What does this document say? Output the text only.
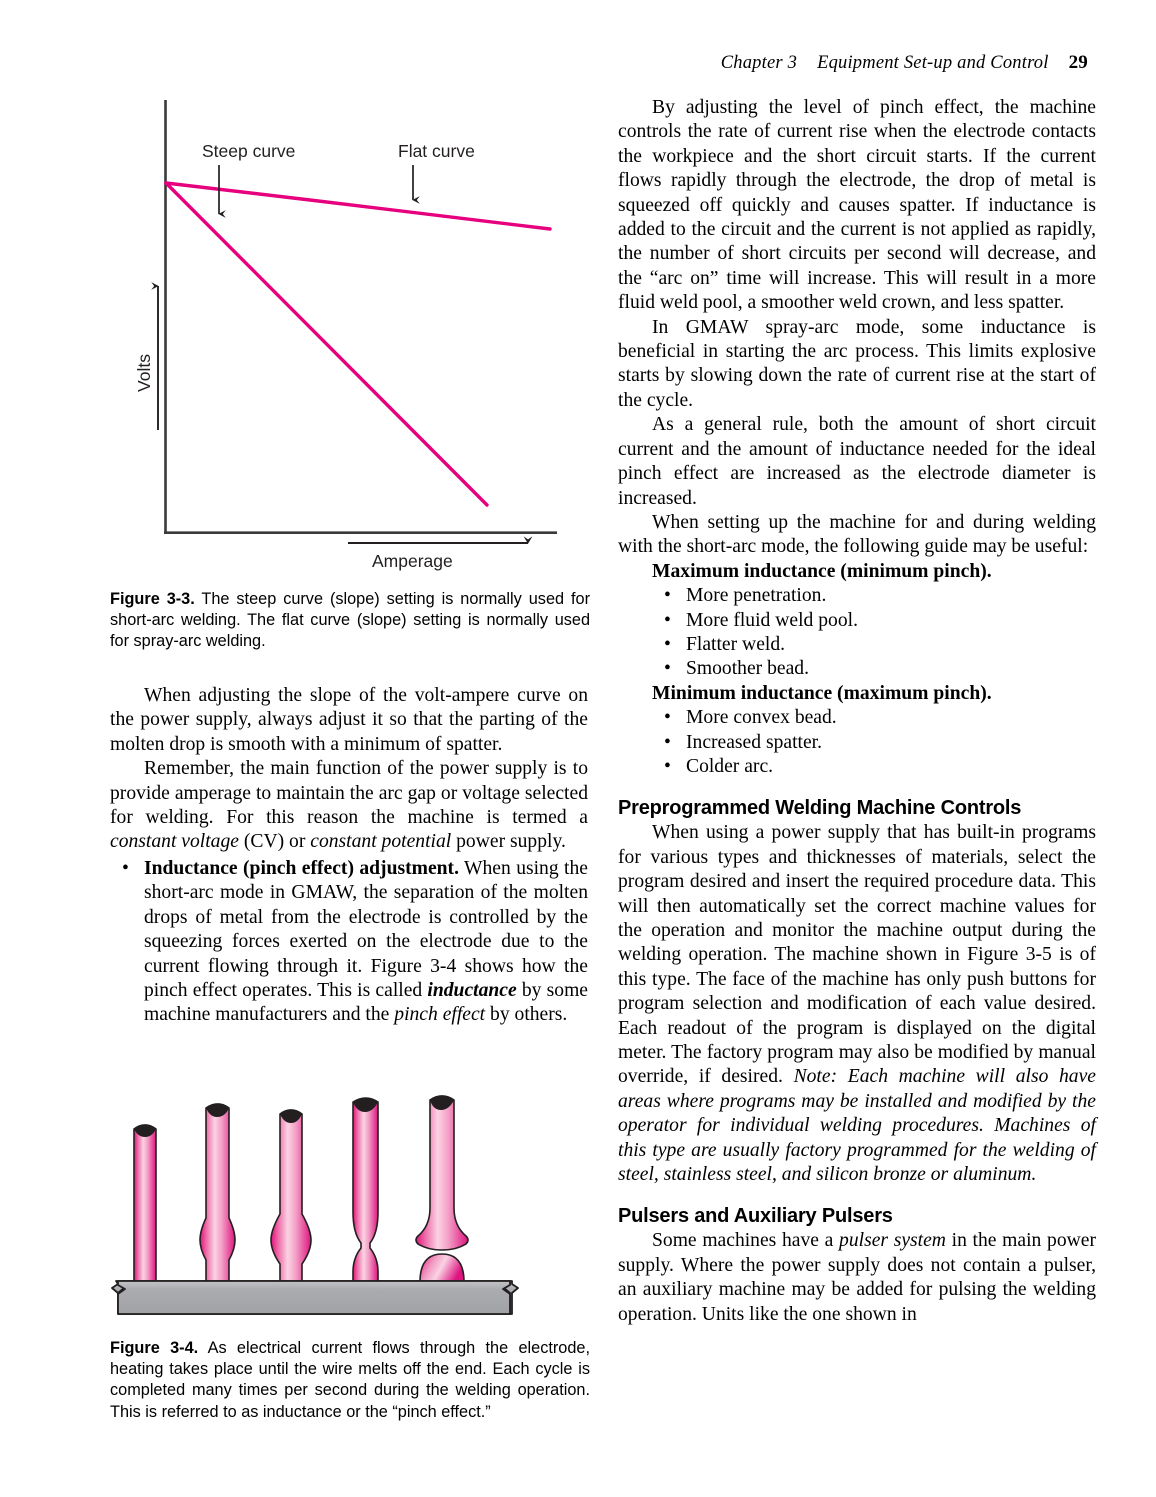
Chapter 3 Equipment Set-up and Control 29
Steep curve	Flat curve
Volts
Amperage
Figure 3-3. The steep curve (slope) setting is normally used for short-arc welding. The flat curve (slope) setting is normally used for spray-arc welding.

When adjusting the slope of the volt-ampere curve on the power supply, always adjust it so that the parting of the molten drop is smooth with a minimum of spatter.

Remember, the main function of the power supply is to provide amperage to maintain the arc gap or voltage selected for welding. For this reason the machine is termed a constant voltage (CV) or constant potential power supply.

• Inductance (pinch effect) adjustment. When using the short-arc mode in GMAW, the separation of the molten drops of metal from the electrode is controlled by the squeezing forces exerted on the electrode due to the current flowing through it. Figure 3-4 shows how the pinch effect operates. This is called inductance by some machine manufacturers and the pinch effect by others.
Figure 3-4. As electrical current flows through the electrode, heating takes place until the wire melts off the end. Each cycle is completed many times per second during the welding operation. This is referred to as inductance or the “pinch effect.”

By adjusting the level of pinch effect, the machine controls the rate of current rise when the electrode contacts the workpiece and the short circuit starts. If the current flows rapidly through the electrode, the drop of metal is squeezed off quickly and causes spatter. If inductance is added to the circuit and the current is not applied as rapidly, the number of short circuits per second will decrease, and the “arc on” time will increase. This will result in a more fluid weld pool, a smoother weld crown, and less spatter.

In GMAW spray-arc mode, some inductance is beneficial in starting the arc process. This limits explosive starts by slowing down the rate of current rise at the start of the cycle.

As a general rule, both the amount of short circuit current and the amount of inductance needed for the ideal pinch effect are increased as the electrode diameter is increased.

When setting up the machine for and during welding with the short-arc mode, the following guide may be useful:

Maximum inductance (minimum pinch).
• More penetration.
• More fluid weld pool.
• Flatter weld.
• Smoother bead.
Minimum inductance (maximum pinch).
• More convex bead.
• Increased spatter.
• Colder arc.
Preprogrammed Welding Machine Controls

When using a power supply that has built-in programs for various types and thicknesses of materials, select the program desired and insert the required procedure data. This will then automatically set the correct machine values for the operation and monitor the machine output during the welding operation. The machine shown in Figure 3-5 is of this type. The face of the machine has only push buttons for program selection and modification of each value desired. Each readout of the program is displayed on the digital meter. The factory program may also be modified by manual override, if desired. Note: Each machine will also have areas where programs may be installed and modified by the operator for individual welding procedures. Machines of this type are usually factory programmed for the welding of steel, stainless steel, and silicon bronze or aluminum.

Pulsers and Auxiliary Pulsers

Some machines have a pulser system in the main power supply. Where the power supply does not contain a pulser, an auxiliary machine may be added for pulsing the welding operation. Units like the one shown in
